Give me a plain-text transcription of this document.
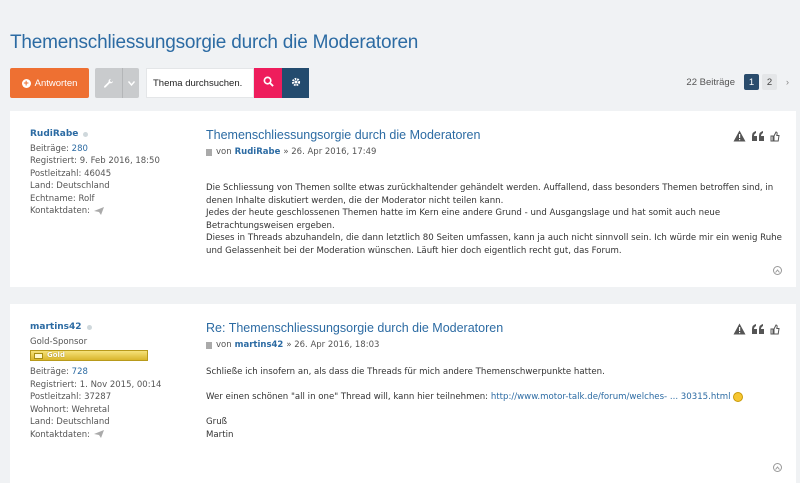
Themenschliessungsorgie durch die Moderatoren
+ Antworten	Thema durchsuchen.	22 Beiträge	1	2	›
RudiRabe
Beiträge: 280
Registriert: 9. Feb 2016, 18:50
Postleitzahl: 46045
Land: Deutschland
Echtname: Rolf
Kontaktdaten:
Themenschliessungsorgie durch die Moderatoren
von RudiRabe » 26. Apr 2016, 17:49

Die Schliessung von Themen sollte etwas zurückhaltender gehändelt werden. Auffallend, dass besonders Themen betroffen sind, in denen Inhalte diskutiert werden, die der Moderator nicht teilen kann.

Jedes der heute geschlossenen Themen hatte im Kern eine andere Grund - und Ausgangslage und hat somit auch neue Betrachtungsweisen ergeben.

Dieses in Threads abzuhandeln, die dann letztlich 80 Seiten umfassen, kann ja auch nicht sinnvoll sein. Ich würde mir ein wenig Ruhe und Gelassenheit bei der Moderation wünschen. Läuft hier doch eigentlich recht gut, das Forum.

martins42
Gold-Sponsor
Gold
Beiträge: 728
Registriert: 1. Nov 2015, 00:14
Postleitzahl: 37287
Wohnort: Wehretal
Land: Deutschland
Kontaktdaten:
Re: Themenschliessungsorgie durch die Moderatoren
von martins42 » 26. Apr 2016, 18:03

Schließe ich insofern an, als dass die Threads für mich andere Themenschwerpunkte hatten.

Wer einen schönen "all in one" Thread will, kann hier teilnehmen: http://www.motor-talk.de/forum/welches- ... 30315.html

Gruß

Martin
